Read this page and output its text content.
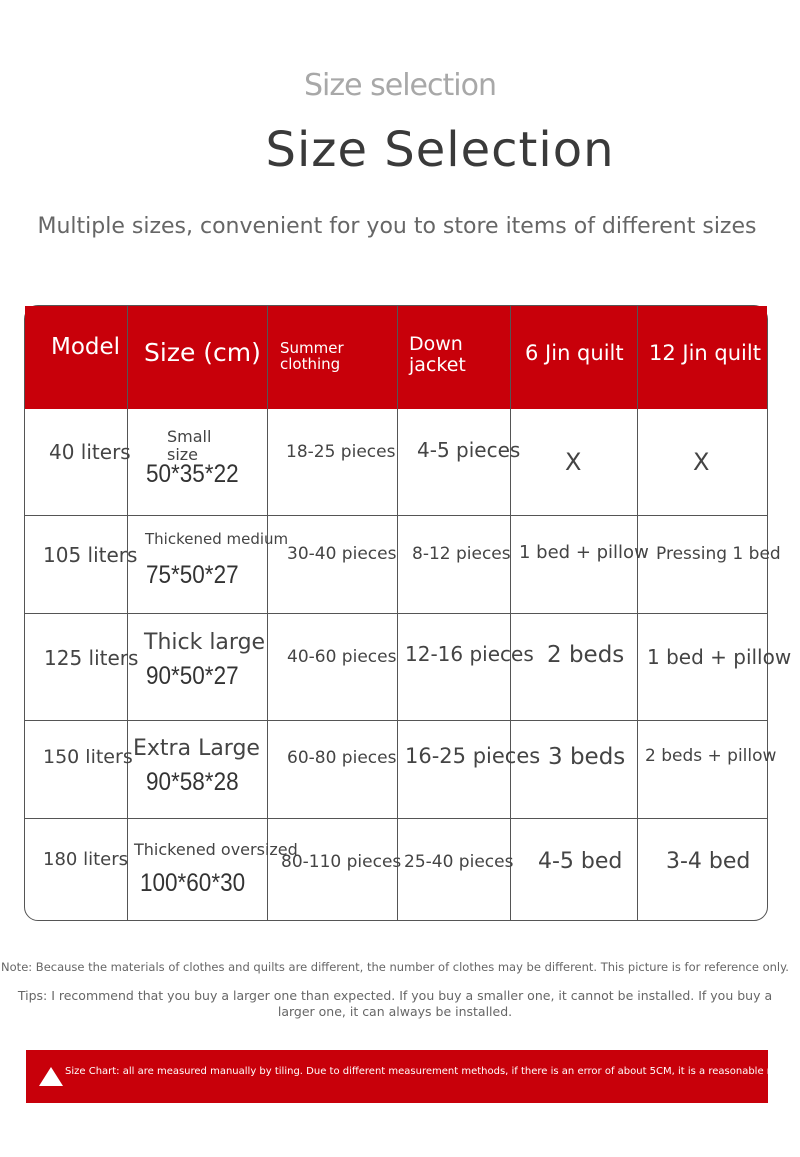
Size selection
Size Selection
Multiple sizes, convenient for you to store items of different sizes
Model Size (cm) Summer clothing
Down jacket	6 Jin quilt 12 Jin quilt
40 liters
Small size
50*35*22
18-25 pieces 4-5 pieces X	X
105 liters
Thickened medium
75*50*27
30-40 pieces 8-12 pieces 1 bed + pillow Pressing 1 bed
125 liters
Thick large
90*50*27
40-60 pieces 12-16 pieces 2 beds 1 bed + pillow
150 liters Extra Large
90*58*28
60-80 pieces 16-25 pieces 3 beds 2 beds + pillow
180 liters Thickened oversized
100*60*30
80-110 pieces 25-40 pieces 4-5 bed 3-4 bed
Note: Because the materials of clothes and quilts are different, the number of clothes may be different. This picture is for reference only.
Tips: I recommend that you buy a larger one than expected. If you buy a smaller one, it cannot be installed. If you buy a larger one, it can always be installed.
Size Chart: all are measured manually by tiling. Due to different measurement methods, if there is an error of about 5CM, it is a reasonable range.
